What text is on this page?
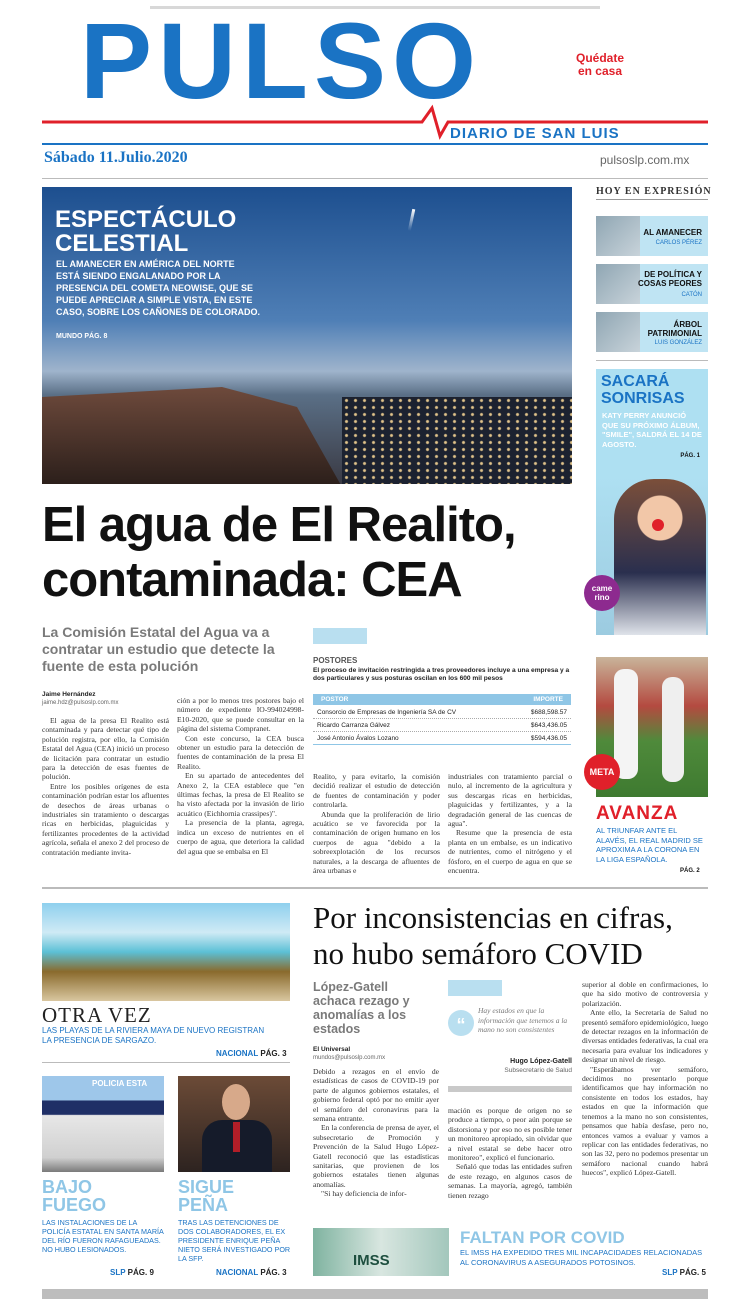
PULSO	Quédate
en casa
DIARIO DE SAN LUIS
Sábado 11.Julio.2020	pulsoslp.com.mx
ESPECTÁCULO
CELESTIAL
EL AMANECER EN AMÉRICA DEL NORTE ESTÁ SIENDO ENGALANADO POR LA PRESENCIA DEL COMETA NEOWISE, QUE SE PUEDE APRECIAR A SIMPLE VISTA, EN ESTE CASO, SOBRE LOS CAÑONES DE COLORADO.
MUNDO PÁG. 8
HOY EN EXPRESIÓN
AL AMANECER
CARLOS PÉREZ
DE POLÍTICA Y COSAS PEORES
CATÓN
ÁRBOL PATRIMONIAL
LUIS GONZÁLEZ
SACARÁ
SONRISAS
KATY PERRY ANUNCIÓ QUE SU PRÓXIMO ÁLBUM, "SMILE", SALDRÁ EL 14 DE AGOSTO.
PÁG. 1
came rino
META
AVANZA
AL TRIUNFAR ANTE EL ALAVÉS, EL REAL MADRID SE APROXIMA A LA CORONA EN LA LIGA ESPAÑOLA.
PÁG. 2
El agua de El Realito,
contaminada: CEA
La Comisión Estatal del Agua va a contratar un estudio que detecte la fuente de esta polución
Jaime Hernández
jaime.hdz@pulsoslp.com.mx

El agua de la presa El Realito está contaminada y para detectar qué tipo de polución registra, por ello, la Comisión Estatal del Agua (CEA) inició un proceso de licitación para contratar un estudio para la detección de esas fuentes de polución.

Entre los posibles orígenes de esta contaminación podrían estar los afluentes de desechos de áreas urbanas o industriales sin tratamiento o descargas ricas en herbicidas, plaguicidas y fertilizantes procedentes de la actividad agrícola, señala el anexo 2 del proceso de contratación mediante invita-

ción a por lo menos tres postores bajo el número de expediente IO-994024998-E10-2020, que se puede consultar en la página del sistema Compranet.

Con este concurso, la CEA busca obtener un estudio para la detección de fuentes de contaminación de la presa El Realito.

En su apartado de antecedentes del Anexo 2, la CEA establece que "en últimas fechas, la presa de El Realito se ha visto afectada por la invasión de lirio acuático (Eichhornia crassipes)".

La presencia de la planta, agrega, indica un exceso de nutrientes en el cuerpo de agua, que deteriora la calidad del agua que se embalsa en El

POSTORES
El proceso de invitación restringida a tres proveedores incluye a una empresa y a dos particulares y sus posturas oscilan en los 600 mil pesos
POSTOR	IMPORTE
Consorcio de Empresas de Ingeniería SA de CV	$688,598.57
Ricardo Carranza Gálvez	$643,436.05
José Antonio Ávalos Lozano	$594,436.05

Realito, y para evitarlo, la comisión decidió realizar el estudio de detección de fuentes de contaminación y poder controlarla.

Abunda que la proliferación de lirio acuático se ve favorecida por la contaminación de origen humano en los cuerpos de agua "debido a la sobreexplotación de los recursos naturales, a la descarga de afluentes de área urbanas e

industriales con tratamiento parcial o nulo, al incremento de la agricultura y sus descargas ricas en herbicidas, plaguicidas y fertilizantes, y a la degradación general de las cuencas de agua".

Resume que la presencia de esta planta en un embalse, es un indicativo de nutrientes, como el nitrógeno y el fósforo, en el cuerpo de agua en que se encuentra.

OTRA VEZ
LAS PLAYAS DE LA RIVIERA MAYA DE NUEVO REGISTRAN LA PRESENCIA DE SARGAZO.
NACIONAL PÁG. 3
POLICIA ESTA
BAJO
FUEGO
LAS INSTALACIONES DE LA POLICÍA ESTATAL EN SANTA MARÍA DEL RÍO FUERON RAFAGUEADAS. NO HUBO LESIONADOS.
SLP PÁG. 9
SIGUE
PEÑA
TRAS LAS DETENCIONES DE DOS COLABORADORES, EL EX PRESIDENTE ENRIQUE PEÑA NIETO SERÁ INVESTIGADO POR LA SFP.
NACIONAL PÁG. 3
Por inconsistencias en cifras,
no hubo semáforo COVID
López-Gatell achaca rezago y anomalías a los estados
El Universal
mundos@pulsoslp.com.mx

Debido a rezagos en el envío de estadísticas de casos de COVID-19 por parte de algunos gobiernos estatales, el gobierno federal optó por no emitir ayer el semáforo del coronavirus para la semana entrante.

En la conferencia de prensa de ayer, el subsecretario de Promoción y Prevención de la Salud Hugo López-Gatell reconoció que las estadísticas sanitarias, que provienen de los gobiernos estatales tienen algunas anomalías.

"Si hay deficiencia de infor-

“
Hay estados en que la información que tenemos a la mano no son consistentes
Hugo López-Gatell
Subsecretario de Salud

mación es porque de origen no se produce a tiempo, o peor aún porque se distorsiona y por eso no es posible tener un monitoreo apropiado, sin olvidar que a nivel estatal se debe hacer otro monitoreo", explicó el funcionario.

Señaló que todas las entidades sufren de este rezago, en algunos casos de semanas. La mayoría, agregó, también tienen rezago

superior al doble en confirmaciones, lo que ha sido motivo de controversia y polarización.

Ante ello, la Secretaría de Salud no presentó semáforo epidemiológico, luego de detectar rezagos en la información de diversas entidades federativas, la cual era necesaria para evaluar los indicadores y designar un nivel de riesgo.

"Esperábamos ver semáforo, decidimos no presentarlo porque identificamos que hay información no consistente en todos los estados, hay estados en que la información que tenemos a la mano no son consistentes, pensamos que había desfase, pero no, entonces vamos a evaluar y vamos a replicar con las entidades federativas, no son las 32, pero no podemos presentar un semáforo nacional cuando habrá huecos", explicó López-Gatell.

IMSS
FALTAN POR COVID
EL IMSS HA EXPEDIDO TRES MIL INCAPACIDADES RELACIONADAS AL CORONAVIRUS A ASEGURADOS POTOSINOS.
SLP PÁG. 5
